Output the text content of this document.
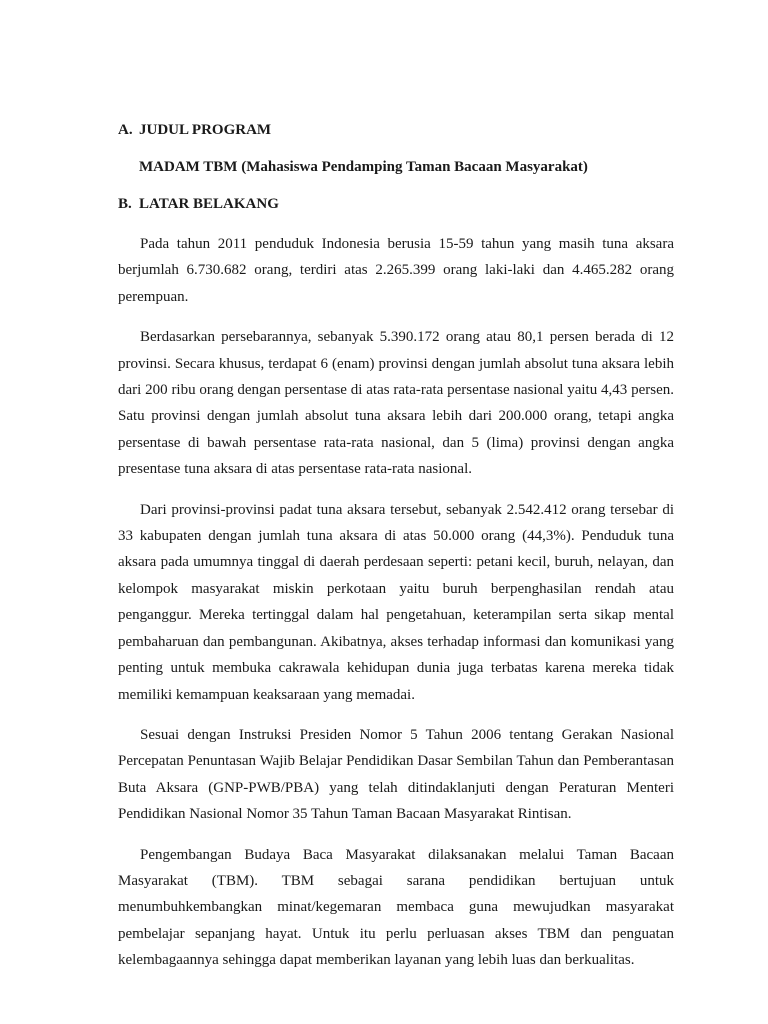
A. JUDUL PROGRAM

MADAM TBM (Mahasiswa Pendamping Taman Bacaan Masyarakat)

B. LATAR BELAKANG

Pada tahun 2011 penduduk Indonesia berusia 15-59 tahun yang masih tuna aksara berjumlah 6.730.682 orang, terdiri atas 2.265.399 orang laki-laki dan 4.465.282 orang perempuan.

Berdasarkan persebarannya, sebanyak 5.390.172 orang atau 80,1 persen berada di 12 provinsi. Secara khusus, terdapat 6 (enam) provinsi dengan jumlah absolut tuna aksara lebih dari 200 ribu orang dengan persentase di atas rata-rata persentase nasional yaitu 4,43 persen. Satu provinsi dengan jumlah absolut tuna aksara lebih dari 200.000 orang, tetapi angka persentase di bawah persentase rata-rata nasional, dan 5 (lima) provinsi dengan angka presentase tuna aksara di atas persentase rata-rata nasional.

Dari provinsi-provinsi padat tuna aksara tersebut, sebanyak 2.542.412 orang tersebar di 33 kabupaten dengan jumlah tuna aksara di atas 50.000 orang (44,3%). Penduduk tuna aksara pada umumnya tinggal di daerah perdesaan seperti: petani kecil, buruh, nelayan, dan kelompok masyarakat miskin perkotaan yaitu buruh berpenghasilan rendah atau penganggur. Mereka tertinggal dalam hal pengetahuan, keterampilan serta sikap mental pembaharuan dan pembangunan. Akibatnya, akses terhadap informasi dan komunikasi yang penting untuk membuka cakrawala kehidupan dunia juga terbatas karena mereka tidak memiliki kemampuan keaksaraan yang memadai.

Sesuai dengan Instruksi Presiden Nomor 5 Tahun 2006 tentang Gerakan Nasional Percepatan Penuntasan Wajib Belajar Pendidikan Dasar Sembilan Tahun dan Pemberantasan Buta Aksara (GNP-PWB/PBA) yang telah ditindaklanjuti dengan Peraturan Menteri Pendidikan Nasional Nomor 35 Tahun Taman Bacaan Masyarakat Rintisan.

Pengembangan Budaya Baca Masyarakat dilaksanakan melalui Taman Bacaan Masyarakat (TBM). TBM sebagai sarana pendidikan bertujuan untuk menumbuhkembangkan minat/kegemaran membaca guna mewujudkan masyarakat pembelajar sepanjang hayat. Untuk itu perlu perluasan akses TBM dan penguatan kelembagaannya sehingga dapat memberikan layanan yang lebih luas dan berkualitas.
